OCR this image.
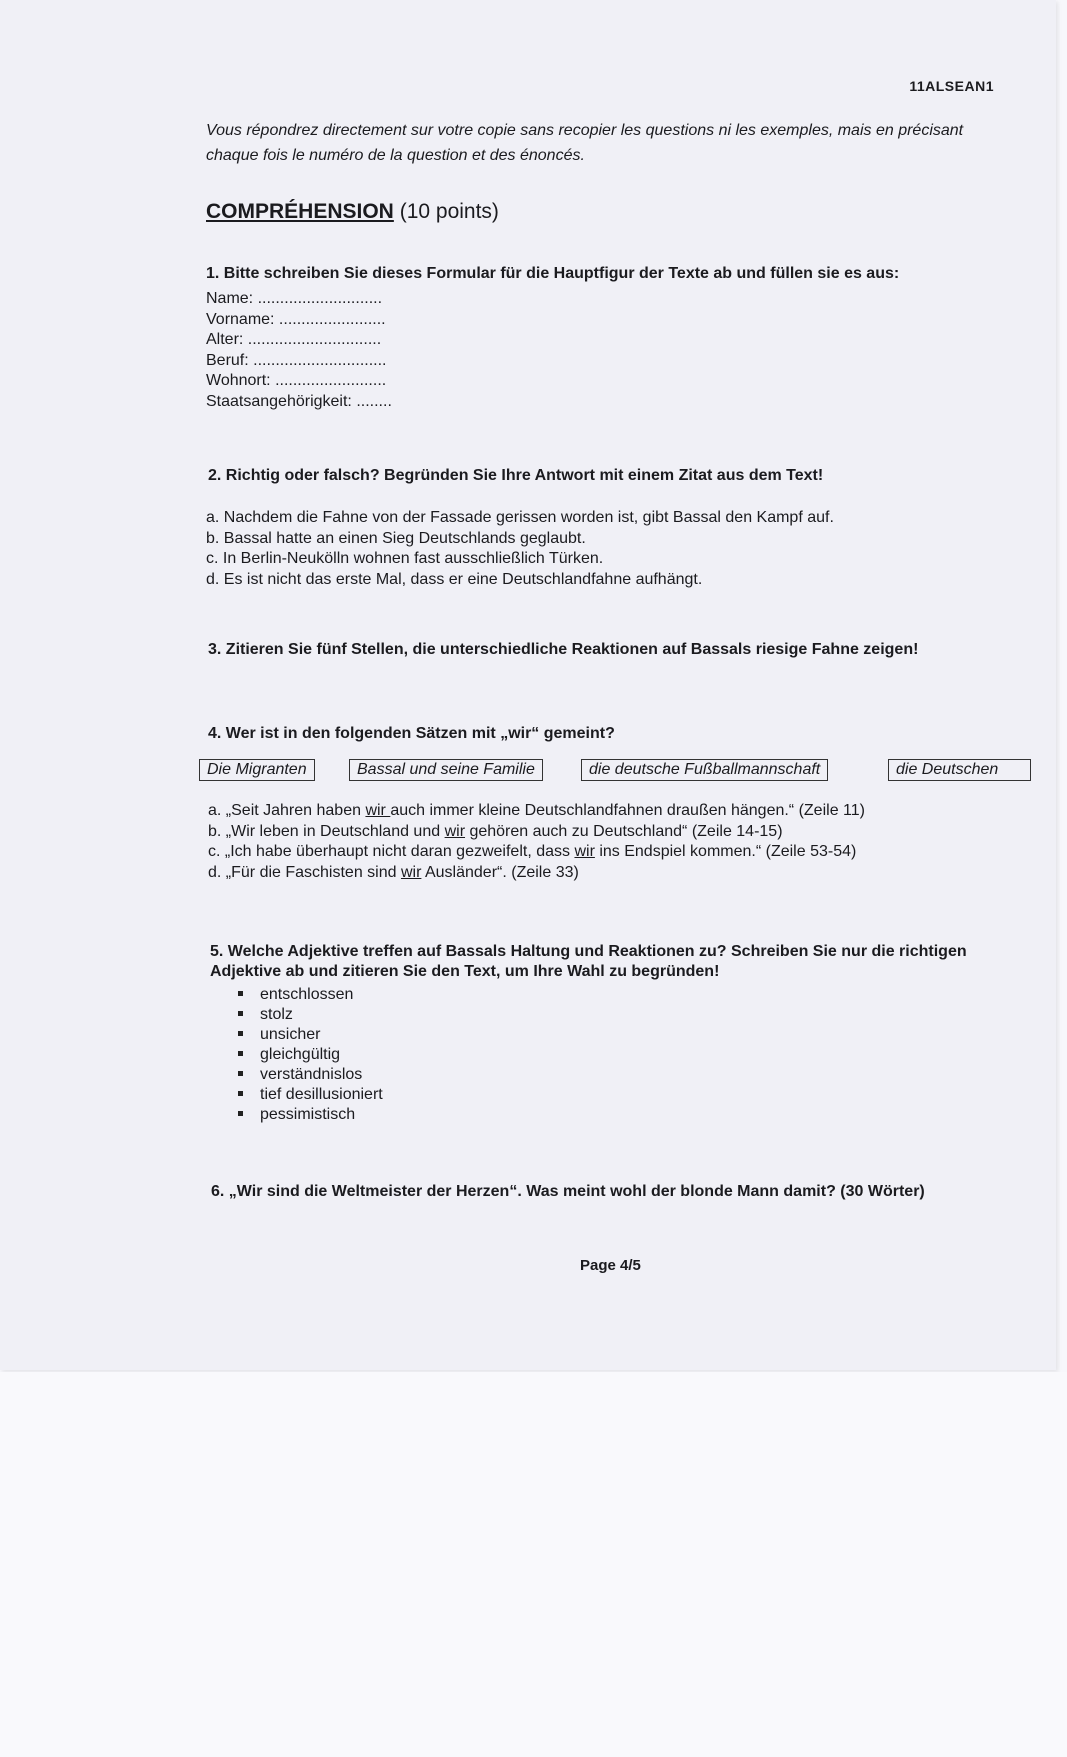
11ALSEAN1
Vous répondrez directement sur votre copie sans recopier les questions ni les exemples, mais en précisant chaque fois le numéro de la question et des énoncés.
COMPRÉHENSION (10 points)
1. Bitte schreiben Sie dieses Formular für die Hauptfigur der Texte ab und füllen sie es aus:
Name: ............................
Vorname: ........................
Alter: ..............................
Beruf: ..............................
Wohnort: .........................
Staatsangehörigkeit: ........
2. Richtig oder falsch? Begründen Sie Ihre Antwort mit einem Zitat aus dem Text!
a. Nachdem die Fahne von der Fassade gerissen worden ist, gibt Bassal den Kampf auf.
b. Bassal hatte an einen Sieg Deutschlands geglaubt.
c. In Berlin-Neukölln wohnen fast ausschließlich Türken.
d. Es ist nicht das erste Mal, dass er eine Deutschlandfahne aufhängt.
3. Zitieren Sie fünf Stellen, die unterschiedliche Reaktionen auf Bassals riesige Fahne zeigen!
4. Wer ist in den folgenden Sätzen mit „wir“ gemeint?
Die Migranten	Bassal und seine Familie	die deutsche Fußballmannschaft	die Deutschen
a. „Seit Jahren haben wir auch immer kleine Deutschlandfahnen draußen hängen.“ (Zeile 11)
b. „Wir leben in Deutschland und wir gehören auch zu Deutschland“ (Zeile 14-15)
c. „Ich habe überhaupt nicht daran gezweifelt, dass wir ins Endspiel kommen.“ (Zeile 53-54)
d. „Für die Faschisten sind wir Ausländer“. (Zeile 33)
5. Welche Adjektive treffen auf Bassals Haltung und Reaktionen zu? Schreiben Sie nur die richtigen Adjektive ab und zitieren Sie den Text, um Ihre Wahl zu begründen!
entschlossen
stolz
unsicher
gleichgültig
verständnislos
tief desillusioniert
pessimistisch
6. „Wir sind die Weltmeister der Herzen“. Was meint wohl der blonde Mann damit? (30 Wörter)
Page 4/5
